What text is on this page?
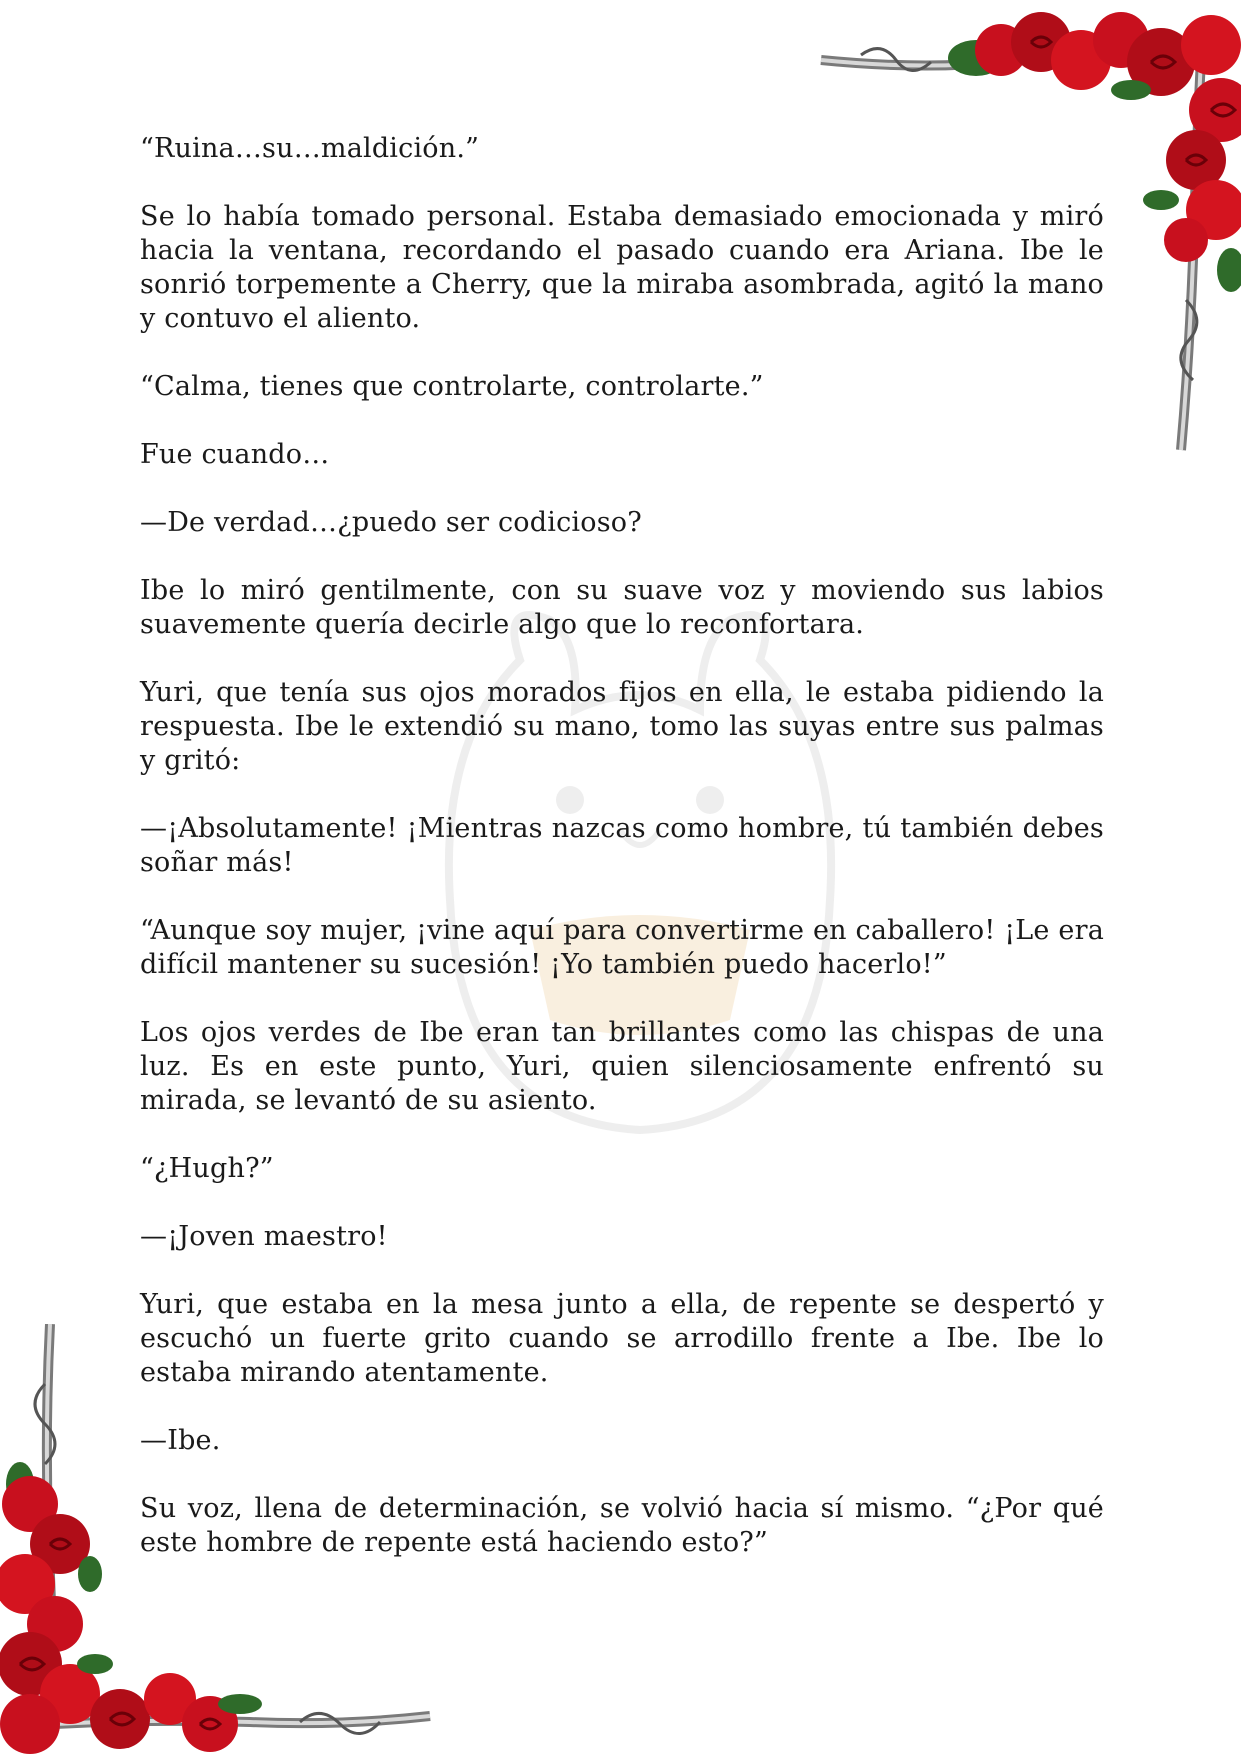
“Ruina…su…maldición.”

Se lo había tomado personal. Estaba demasiado emocionada y miró hacia la ventana, recordando el pasado cuando era Ariana. Ibe le sonrió torpemente a Cherry, que la miraba asombrada, agitó la mano y contuvo el aliento.

“Calma, tienes que controlarte, controlarte.”

Fue cuando…

—De verdad…¿puedo ser codicioso?

Ibe lo miró gentilmente, con su suave voz y moviendo sus labios suavemente quería decirle algo que lo reconfortara.

Yuri, que tenía sus ojos morados fijos en ella, le estaba pidiendo la respuesta. Ibe le extendió su mano, tomo las suyas entre sus palmas y gritó:

—¡Absolutamente! ¡Mientras nazcas como hombre, tú también debes soñar más!

“Aunque soy mujer, ¡vine aquí para convertirme en caballero! ¡Le era difícil mantener su sucesión! ¡Yo también puedo hacerlo!”

Los ojos verdes de Ibe eran tan brillantes como las chispas de una luz. Es en este punto, Yuri, quien silenciosamente enfrentó su mirada, se levantó de su asiento.

“¿Hugh?”

—¡Joven maestro!

Yuri, que estaba en la mesa junto a ella, de repente se despertó y escuchó un fuerte grito cuando se arrodillo frente a Ibe. Ibe lo estaba mirando atentamente.

—Ibe.

Su voz, llena de determinación, se volvió hacia sí mismo. “¿Por qué este hombre de repente está haciendo esto?”
